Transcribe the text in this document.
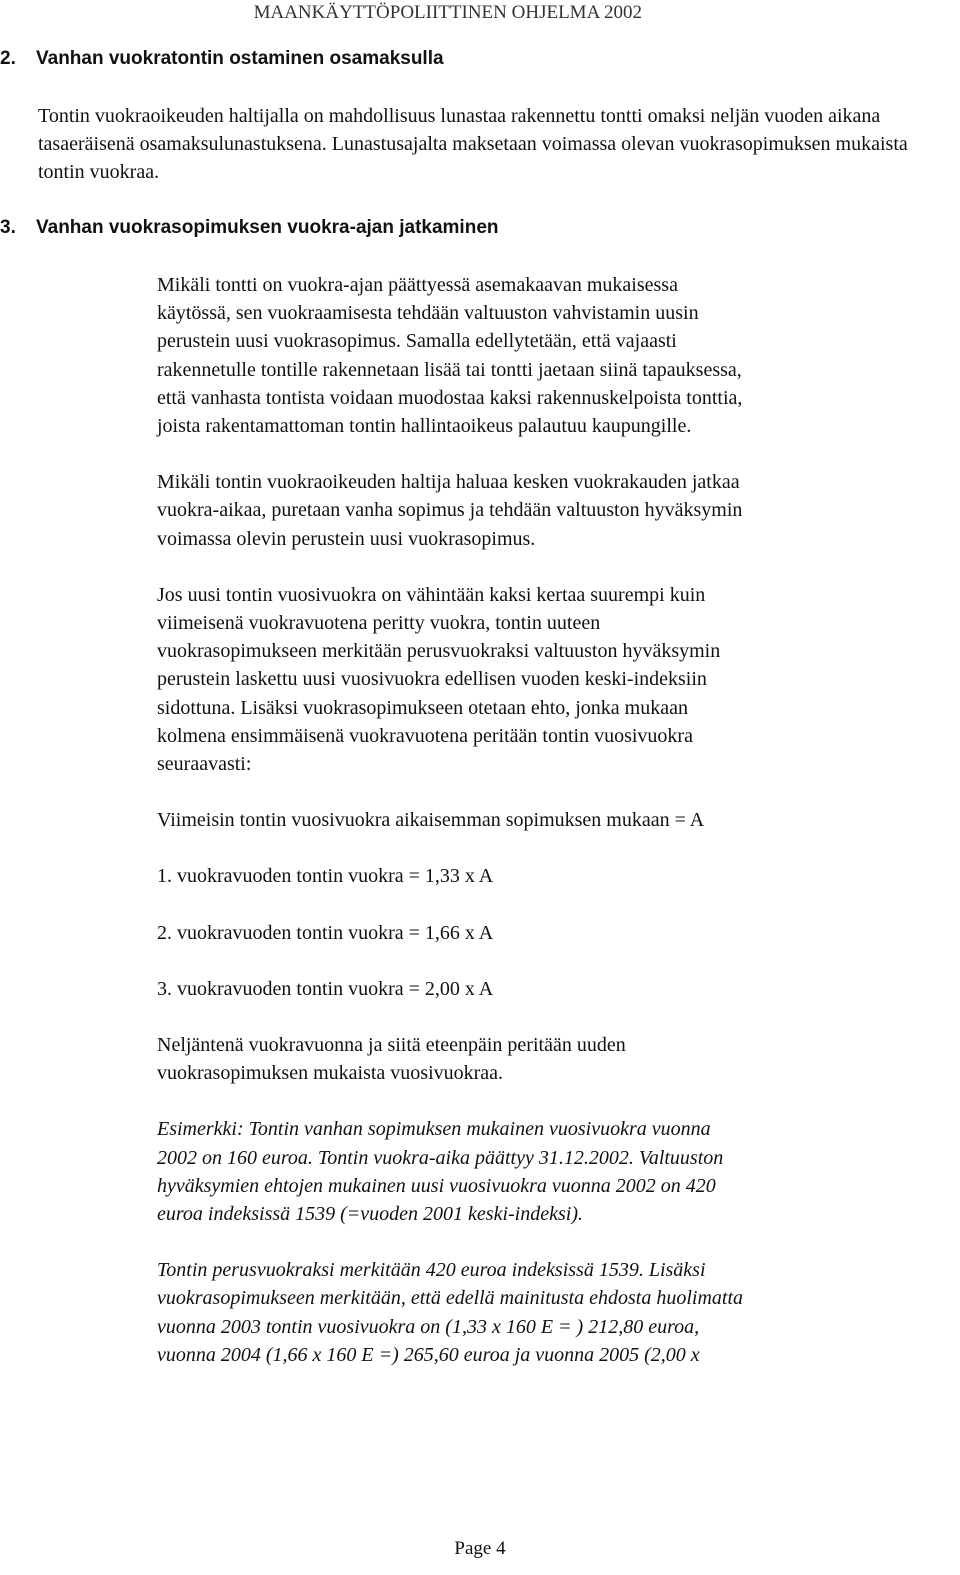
MAANKÄYTTÖPOLIITTINEN OHJELMA 2002
2. Vanhan vuokratontin ostaminen osamaksulla

Tontin vuokraoikeuden haltijalla on mahdollisuus lunastaa rakennettu tontti omaksi neljän vuoden aikana tasaeräisenä osamaksulunastuksena. Lunastusajalta maksetaan voimassa olevan vuokrasopimuksen mukaista tontin vuokraa.

3. Vanhan vuokrasopimuksen vuokra-ajan jatkaminen

Mikäli tontti on vuokra-ajan päättyessä asemakaavan mukaisessa käytössä, sen vuokraamisesta tehdään valtuuston vahvistamin uusin perustein uusi vuokrasopimus. Samalla edellytetään, että vajaasti rakennetulle tontille rakennetaan lisää tai tontti jaetaan siinä tapauksessa, että vanhasta tontista voidaan muodostaa kaksi rakennuskelpoista tonttia, joista rakentamattoman tontin hallintaoikeus palautuu kaupungille.

Mikäli tontin vuokraoikeuden haltija haluaa kesken vuokrakauden jatkaa vuokra-aikaa, puretaan vanha sopimus ja tehdään valtuuston hyväksymin voimassa olevin perustein uusi vuokrasopimus.

Jos uusi tontin vuosivuokra on vähintään kaksi kertaa suurempi kuin viimeisenä vuokravuotena peritty vuokra, tontin uuteen vuokrasopimukseen merkitään perusvuokraksi valtuuston hyväksymin perustein laskettu uusi vuosivuokra edellisen vuoden keski-indeksiin sidottuna. Lisäksi vuokrasopimukseen otetaan ehto, jonka mukaan kolmena ensimmäisenä vuokravuotena peritään tontin vuosivuokra seuraavasti:

Viimeisin tontin vuosivuokra aikaisemman sopimuksen mukaan = A

1. vuokravuoden tontin vuokra = 1,33 x A

2. vuokravuoden tontin vuokra = 1,66 x A

3. vuokravuoden tontin vuokra = 2,00 x A

Neljäntenä vuokravuonna ja siitä eteenpäin peritään uuden vuokrasopimuksen mukaista vuosivuokraa.

Esimerkki: Tontin vanhan sopimuksen mukainen vuosivuokra vuonna 2002 on 160 euroa. Tontin vuokra-aika päättyy 31.12.2002. Valtuuston hyväksymien ehtojen mukainen uusi vuosivuokra vuonna 2002 on 420 euroa indeksissä 1539 (=vuoden 2001 keski-indeksi).

Tontin perusvuokraksi merkitään 420 euroa indeksissä 1539. Lisäksi vuokrasopimukseen merkitään, että edellä mainitusta ehdosta huolimatta vuonna 2003 tontin vuosivuokra on (1,33 x 160 E = ) 212,80 euroa, vuonna 2004 (1,66 x 160 E =) 265,60 euroa ja vuonna 2005 (2,00 x

Page 4
